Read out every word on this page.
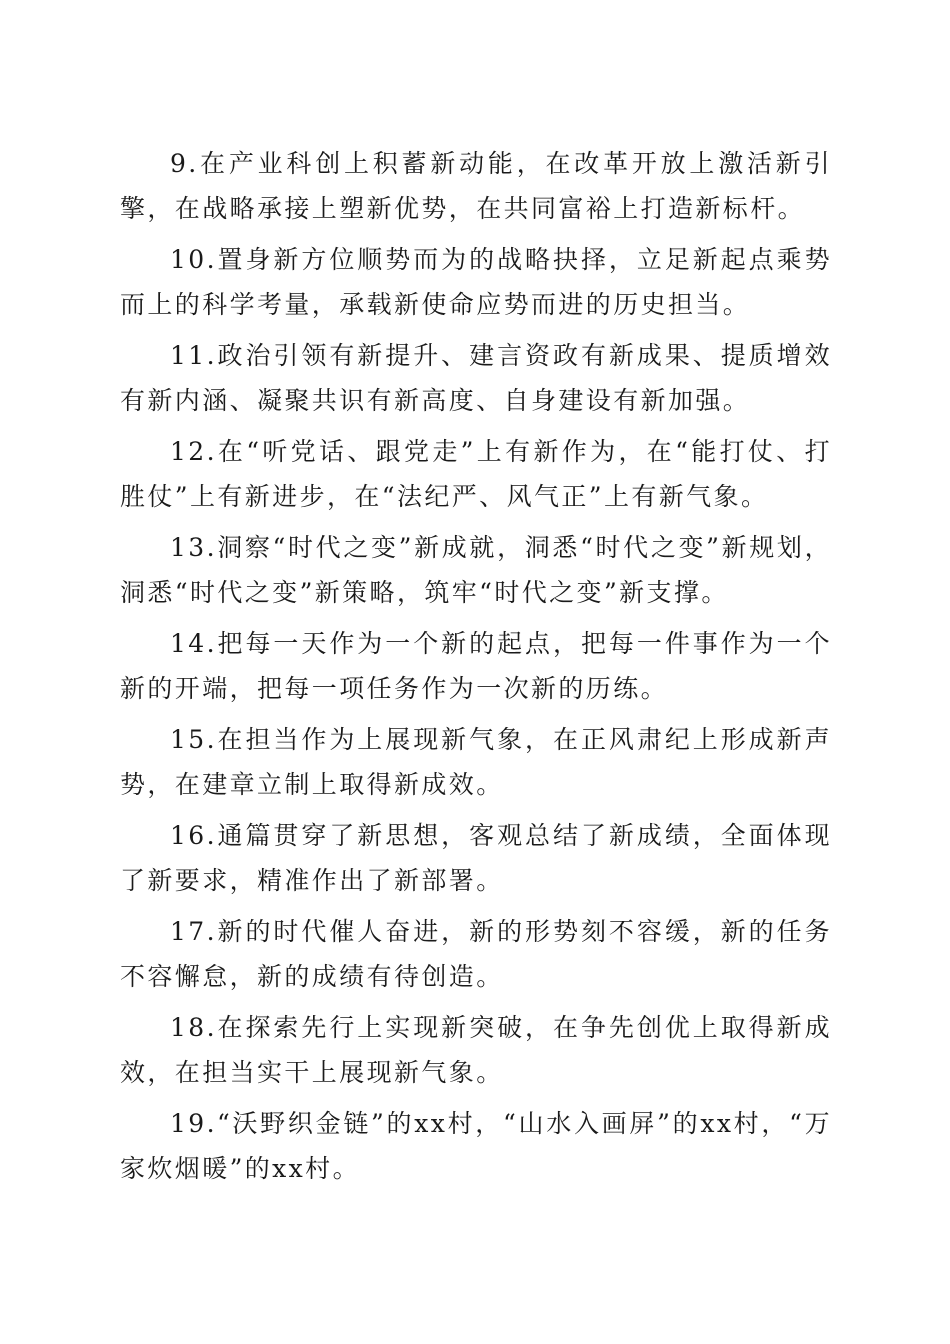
9.在产业科创上积蓄新动能，在改革开放上激活新引擎，在战略承接上塑新优势，在共同富裕上打造新标杆。

10.置身新方位顺势而为的战略抉择，立足新起点乘势而上的科学考量，承载新使命应势而进的历史担当。

11.政治引领有新提升、建言资政有新成果、提质增效有新内涵、凝聚共识有新高度、自身建设有新加强。

12.在“听党话、跟党走”上有新作为，在“能打仗、打胜仗”上有新进步，在“法纪严、风气正”上有新气象。

13.洞察“时代之变”新成就，洞悉“时代之变”新规划，洞悉“时代之变”新策略，筑牢“时代之变”新支撑。

14.把每一天作为一个新的起点，把每一件事作为一个新的开端，把每一项任务作为一次新的历练。

15.在担当作为上展现新气象，在正风肃纪上形成新声势，在建章立制上取得新成效。

16.通篇贯穿了新思想，客观总结了新成绩，全面体现了新要求，精准作出了新部署。

17.新的时代催人奋进，新的形势刻不容缓，新的任务不容懈怠，新的成绩有待创造。

18.在探索先行上实现新突破，在争先创优上取得新成效，在担当实干上展现新气象。

19.“沃野织金链”的xx村，“山水入画屏”的xx村，“万家炊烟暖”的xx村。
